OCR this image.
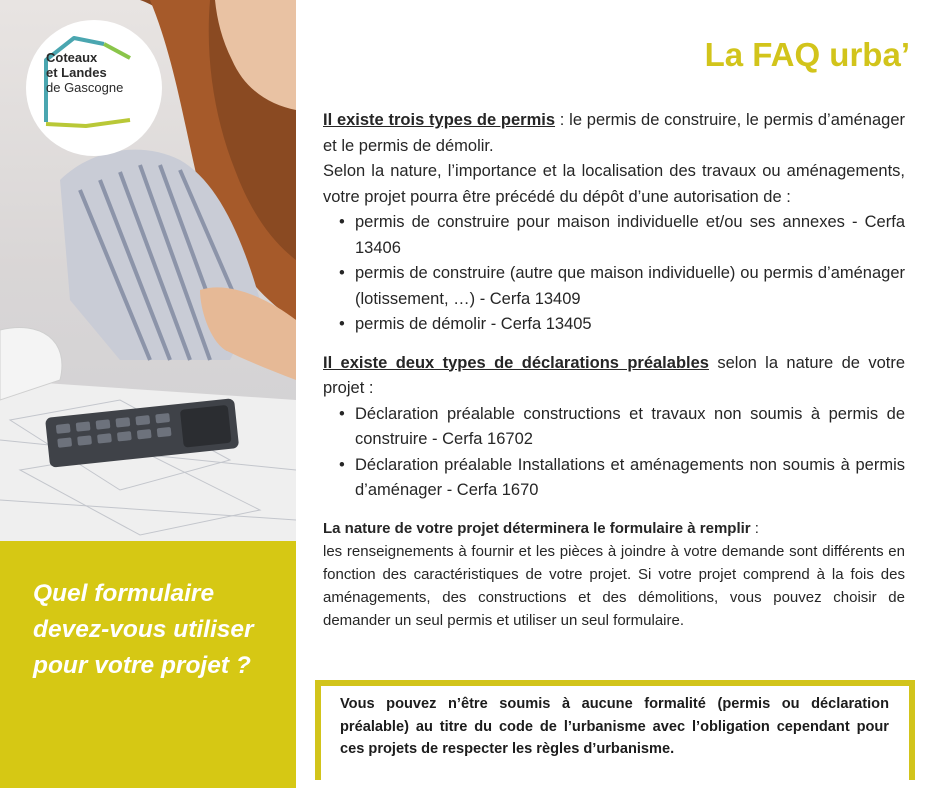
Coteaux
et Landes
de Gascogne
Quel formulaire devez-vous utiliser pour votre projet ?
La FAQ urba’

Il existe trois types de permis : le permis de construire, le permis d’aménager et le permis de démolir.

Selon la nature, l’importance et la localisation des travaux ou aménagements, votre projet pourra être précédé du dépôt d’une autorisation de :

• permis de construire pour maison individuelle et/ou ses annexes - Cerfa 13406
• permis de construire (autre que maison individuelle) ou permis d’aménager (lotissement, …) - Cerfa 13409
• permis de démolir - Cerfa 13405

Il existe deux types de déclarations préalables selon la nature de votre projet :

• Déclaration préalable constructions et travaux non soumis à permis de construire - Cerfa 16702
• Déclaration préalable Installations et aménagements non soumis à permis d’aménager - Cerfa 1670

La nature de votre projet déterminera le formulaire à remplir :

les renseignements à fournir et les pièces à joindre à votre demande sont différents en fonction des caractéristiques de votre projet. Si votre projet comprend à la fois des aménagements, des constructions et des démolitions, vous pouvez choisir de demander un seul permis et utiliser un seul formulaire.

Vous pouvez n’être soumis à aucune formalité (permis ou déclaration préalable) au titre du code de l’urbanisme avec l’obligation cependant pour ces projets de respecter les règles d’urbanisme.
